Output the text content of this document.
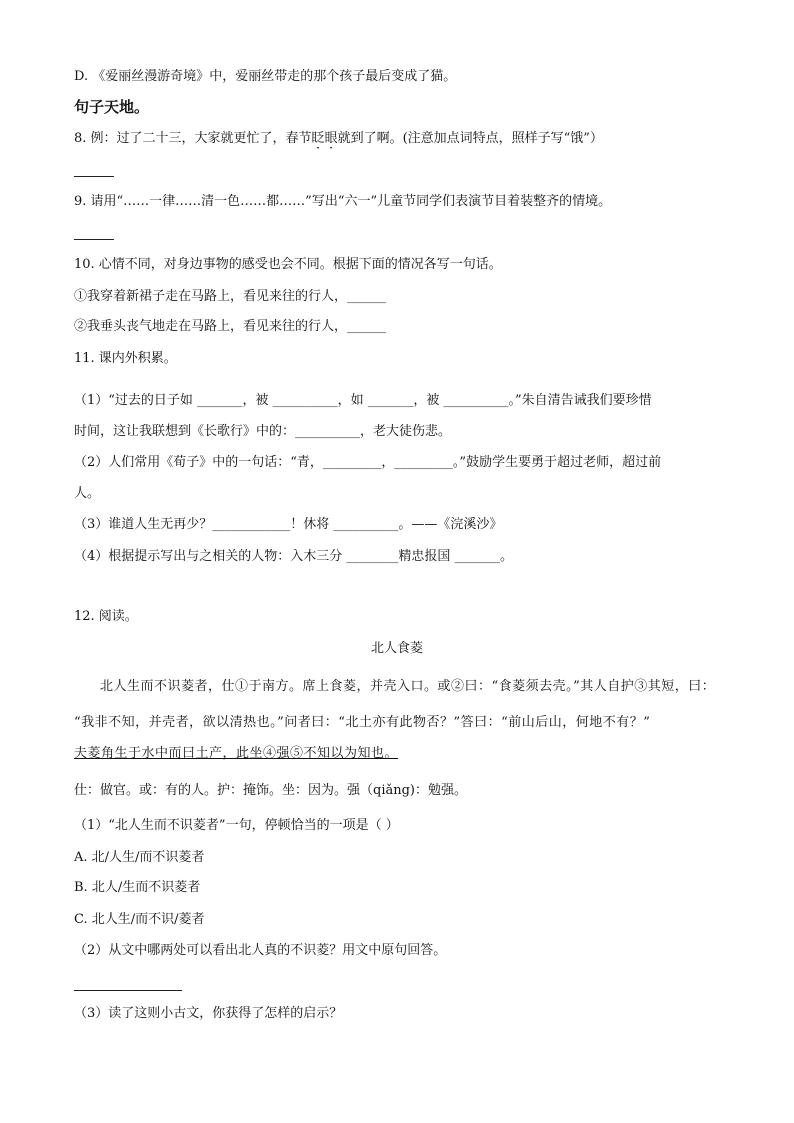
D. 《爱丽丝漫游奇境》中，爱丽丝带走的那个孩子最后变成了猫。
句子天地。
8. 例：过了二十三，大家就更忙了，春节眨眼就到了啊。(注意加点词特点，照样子写“饿”）
9. 请用“……一律……清一色……都……”写出“六一”儿童节同学们表演节目着装整齐的情境。
10. 心情不同，对身边事物的感受也会不同。根据下面的情况各写一句话。
①我穿着新裙子走在马路上，看见来往的行人，______
②我垂头丧气地走在马路上，看见来往的行人，______
11. 课内外积累。
（1）“过去的日子如 _______，被 __________，如 _______，被 __________。”朱自清告诫我们要珍惜
时间，这让我联想到《长歌行》中的：__________，老大徒伤悲。
（2）人们常用《荀子》中的一句话：“青，_________，_________。”鼓励学生要勇于超过老师，超过前
人。
（3）谁道人生无再少？____________！休将 __________。——《浣溪沙》
（4）根据提示写出与之相关的人物：入木三分 ________精忠报国 _______。
12. 阅读。
北人食菱
北人生而不识菱者，仕①于南方。席上食菱，并壳入口。或②曰：“食菱须去壳。”其人自护③其短，曰：
“我非不知，并壳者，欲以清热也。”问者曰：“北土亦有此物否？”答曰：“前山后山，何地不有？”
夫菱角生于水中而曰土产，此坐④强⑤不知以为知也。
仕：做官。或：有的人。护：掩饰。坐：因为。强（qiǎng)：勉强。
（1）“北人生而不识菱者”一句，停顿恰当的一项是（ ）
A. 北/人生/而不识菱者
B. 北人/生而不识菱者
C. 北人生/而不识/菱者
（2）从文中哪两处可以看出北人真的不识菱？用文中原句回答。
（3）读了这则小古文，你获得了怎样的启示？
